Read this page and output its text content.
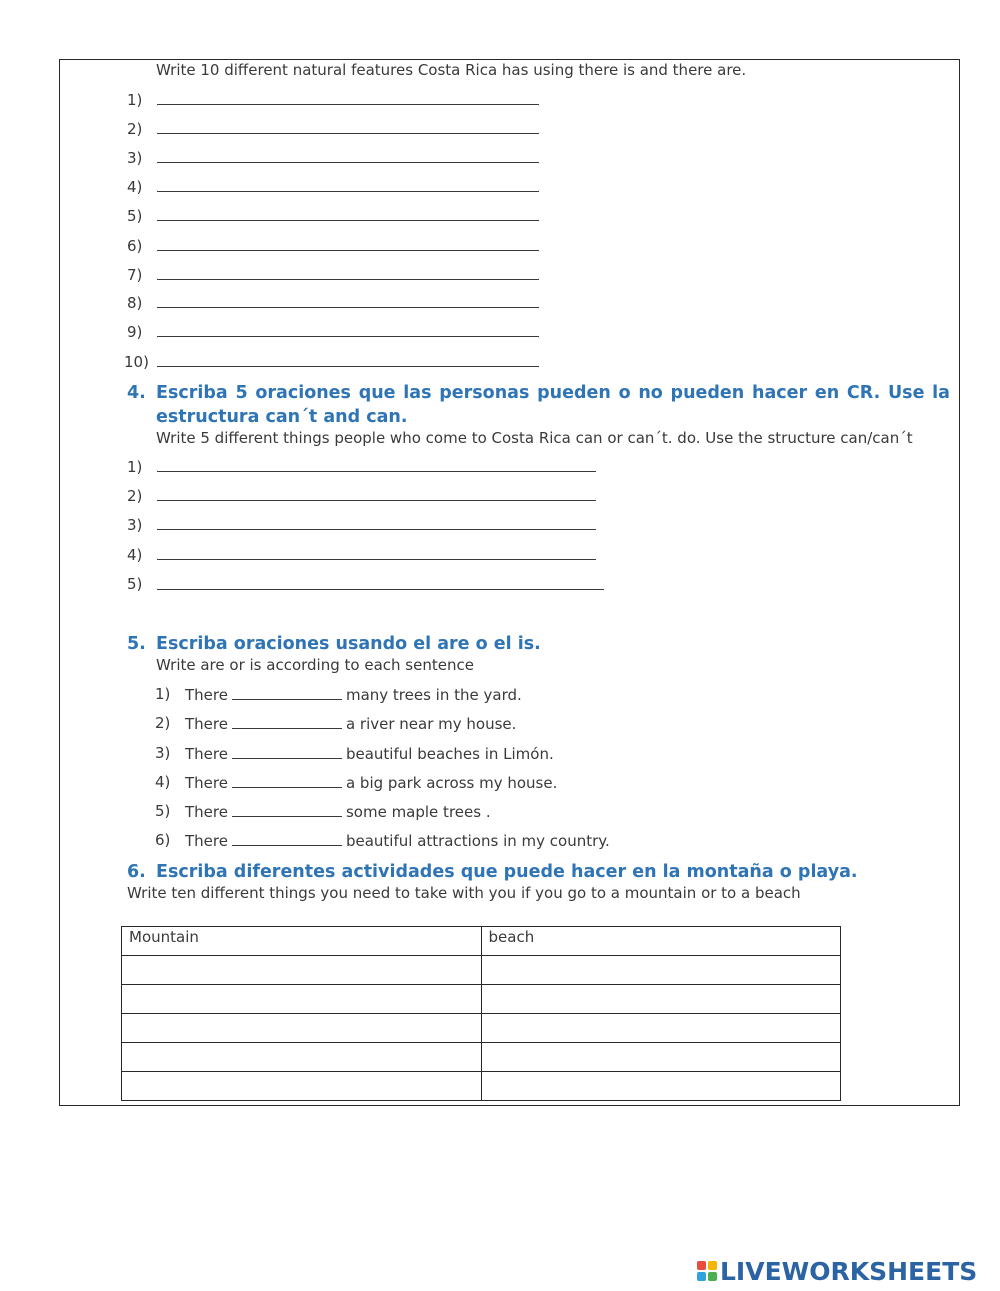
Write 10 different natural features Costa Rica has using there is and there are.
1)
2)
3)
4)
5)
6)
7)
8)
9)
10)
4. Escriba 5 oraciones que las personas pueden o no pueden hacer en CR. Use la estructura can´t and can.
Write 5 different things people who come to Costa Rica can or can´t. do. Use the structure can/can´t
1)
2)
3)
4)
5)
5. Escriba oraciones usando el are o el is.
Write are or is according to each sentence
1) There	many trees in the yard.
2) There	a river near my house.
3) There	beautiful beaches in Limón.
4) There	a big park across my house.
5) There	some maple trees .
6) There	beautiful attractions in my country.
6. Escriba diferentes actividades que puede hacer en la montaña o playa.
Write ten different things you need to take with you if you go to a mountain or to a beach
Mountain	beach

LIVEWORKSHEETS
